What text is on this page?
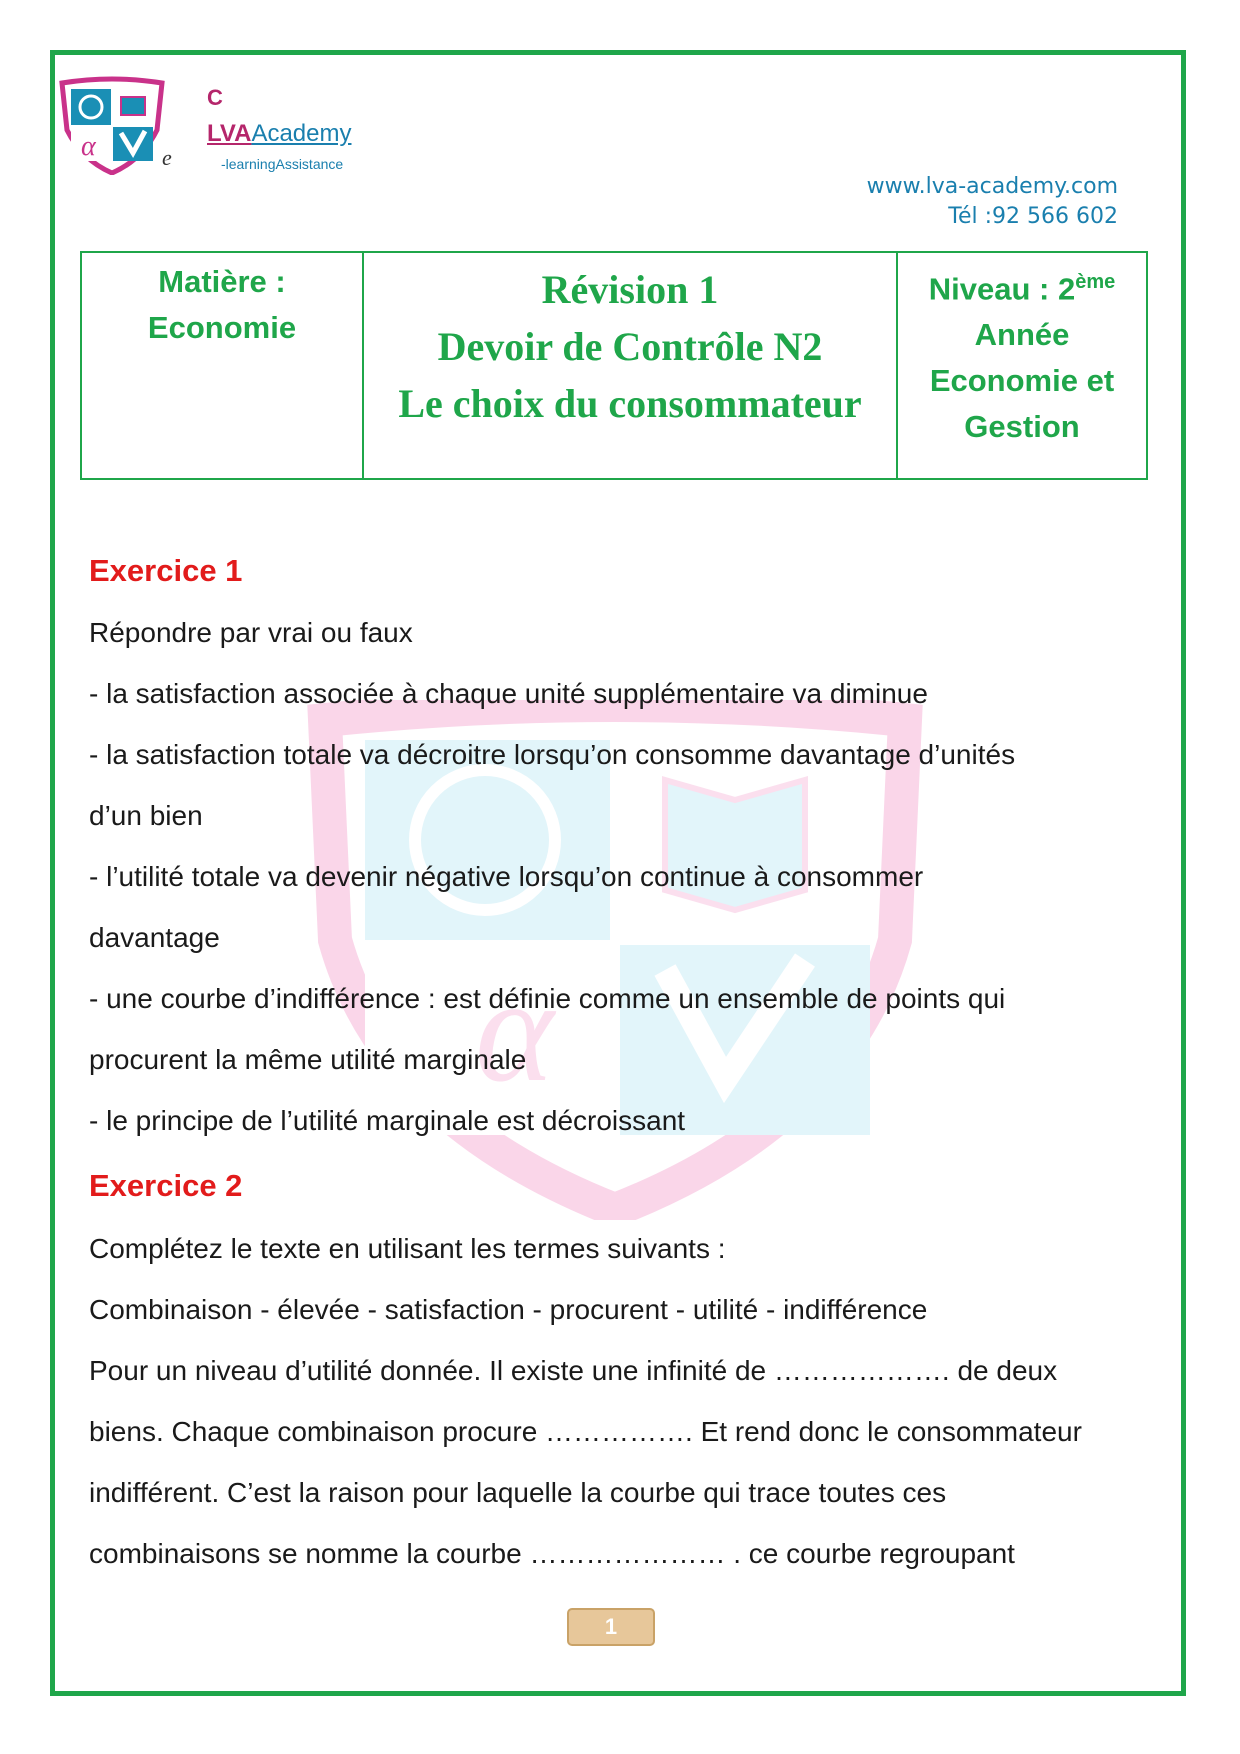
α
α	e
C
LVAAcademy
-learningAssistance
www.lva-academy.com
Tél :92 566 602
Matière :
Economie

Révision 1
Devoir de Contrôle N2
Le choix du consommateur

Niveau : 2ème
Année
Economie et
Gestion
Exercice 1
Répondre par vrai ou faux
- la satisfaction associée à chaque unité supplémentaire va diminue
- la satisfaction totale va décroitre lorsqu’on consomme davantage d’unités
d’un bien
- l’utilité totale va devenir négative lorsqu’on continue à consommer
davantage
- une courbe d’indifférence : est définie comme un ensemble de points qui
procurent la même utilité marginale
- le principe de l’utilité marginale est décroissant
Exercice 2
Complétez le texte en utilisant les termes suivants :
Combinaison - élevée - satisfaction - procurent - utilité - indifférence
Pour un niveau d’utilité donnée. Il existe une infinité de ………………. de deux
biens. Chaque combinaison procure ……………. Et rend donc le consommateur
indifférent. C’est la raison pour laquelle la courbe qui trace toutes ces
combinaisons se nomme la courbe ………………… . ce courbe regroupant
1
